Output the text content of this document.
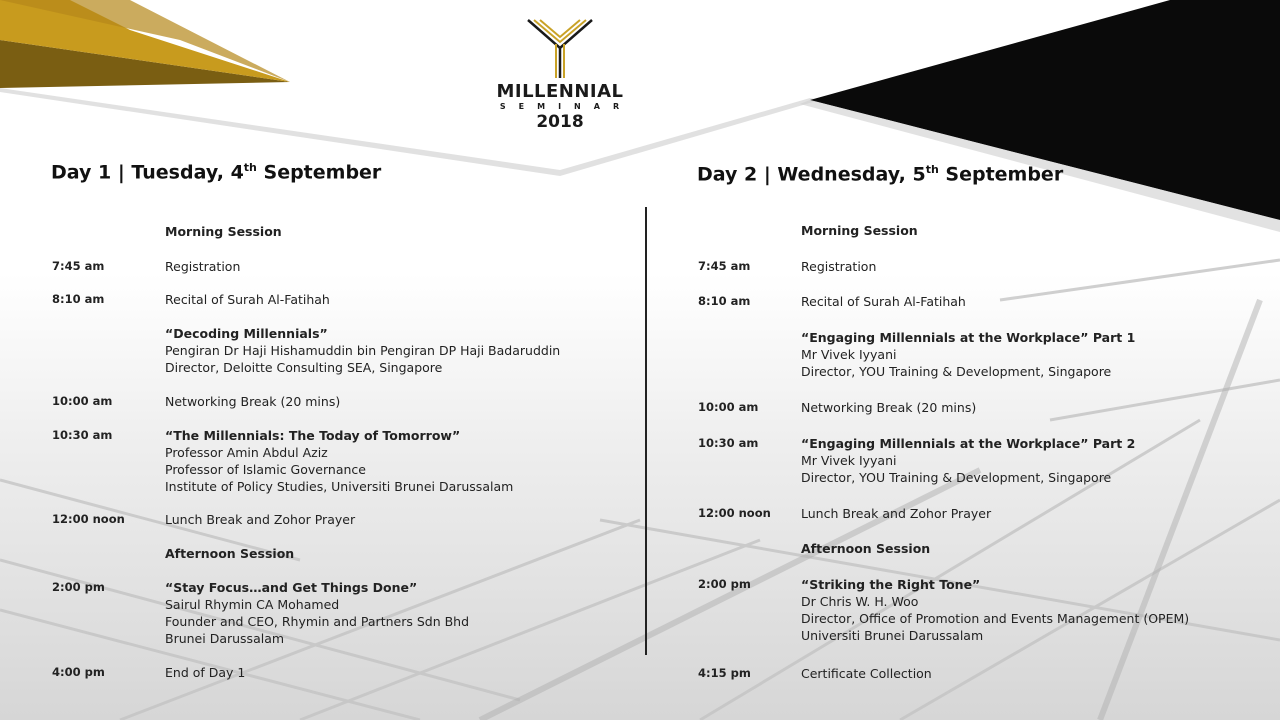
MILLENNIAL
SEMINAR
2018
Day 1 | Tuesday, 4th September	Day 2 | Wednesday, 5th September
Morning Session
7:45 am	Registration
8:10 am	Recital of Surah Al-Fatihah
“Decoding Millennials”
Pengiran Dr Haji Hishamuddin bin Pengiran DP Haji Badaruddin
Director, Deloitte Consulting SEA, Singapore
10:00 am	Networking Break (20 mins)
10:30 am	“The Millennials: The Today of Tomorrow”
Professor Amin Abdul Aziz
Professor of Islamic Governance
Institute of Policy Studies, Universiti Brunei Darussalam
12:00 noon	Lunch Break and Zohor Prayer
Afternoon Session
2:00 pm	“Stay Focus…and Get Things Done”
Sairul Rhymin CA Mohamed
Founder and CEO, Rhymin and Partners Sdn Bhd
Brunei Darussalam
4:00 pm	End of Day 1
Morning Session
7:45 am	Registration
8:10 am	Recital of Surah Al-Fatihah
“Engaging Millennials at the Workplace” Part 1
Mr Vivek Iyyani
Director, YOU Training & Development, Singapore
10:00 am	Networking Break (20 mins)
10:30 am	“Engaging Millennials at the Workplace” Part 2
Mr Vivek Iyyani
Director, YOU Training & Development, Singapore
12:00 noon Lunch Break and Zohor Prayer
Afternoon Session
2:00 pm	“Striking the Right Tone”
Dr Chris W. H. Woo
Director, Office of Promotion and Events Management (OPEM)
Universiti Brunei Darussalam
4:15 pm	Certificate Collection
